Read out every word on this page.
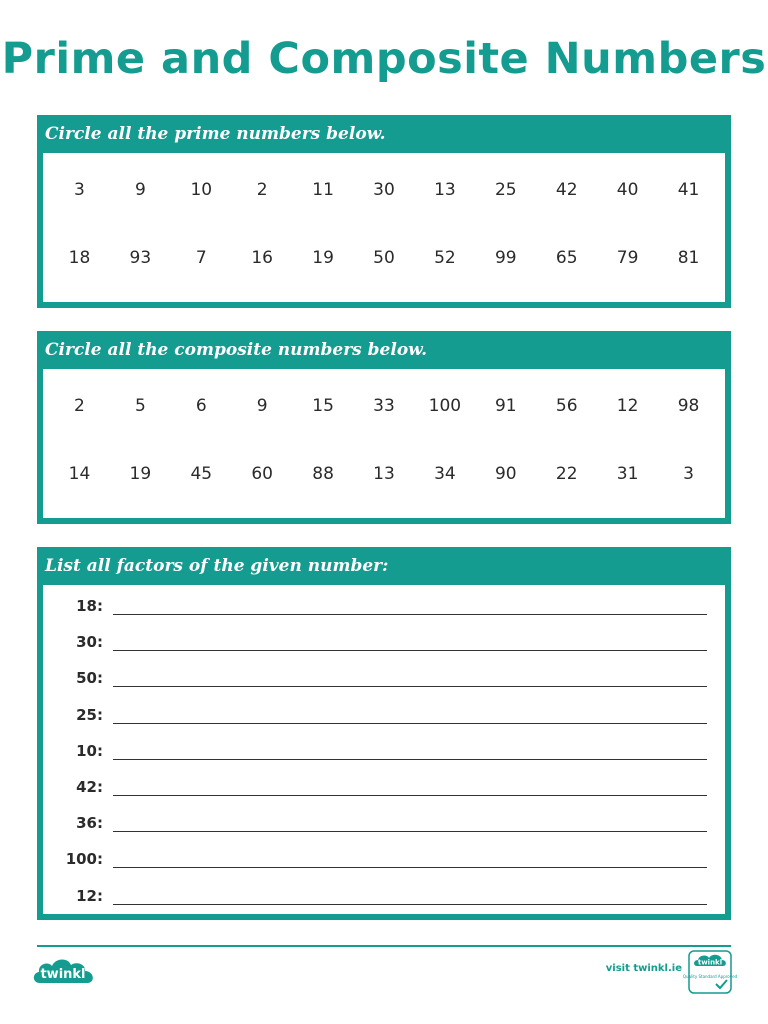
Prime and Composite Numbers
Circle all the prime numbers below.
3	9	10	2	11	30	13	25	42	40	41
18	93	7	16	19	50	52	99	65	79	81
Circle all the composite numbers below.
2	5	6	9	15	33	100	91	56	12	98
14	19	45	60	88	13	34	90	22	31	3
List all factors of the given number:
18:
30:
50:
25:
10:
42:
36:
100:
12:
twinkl	visit twinkl.ie
twinkl
Quality Standard Approved
